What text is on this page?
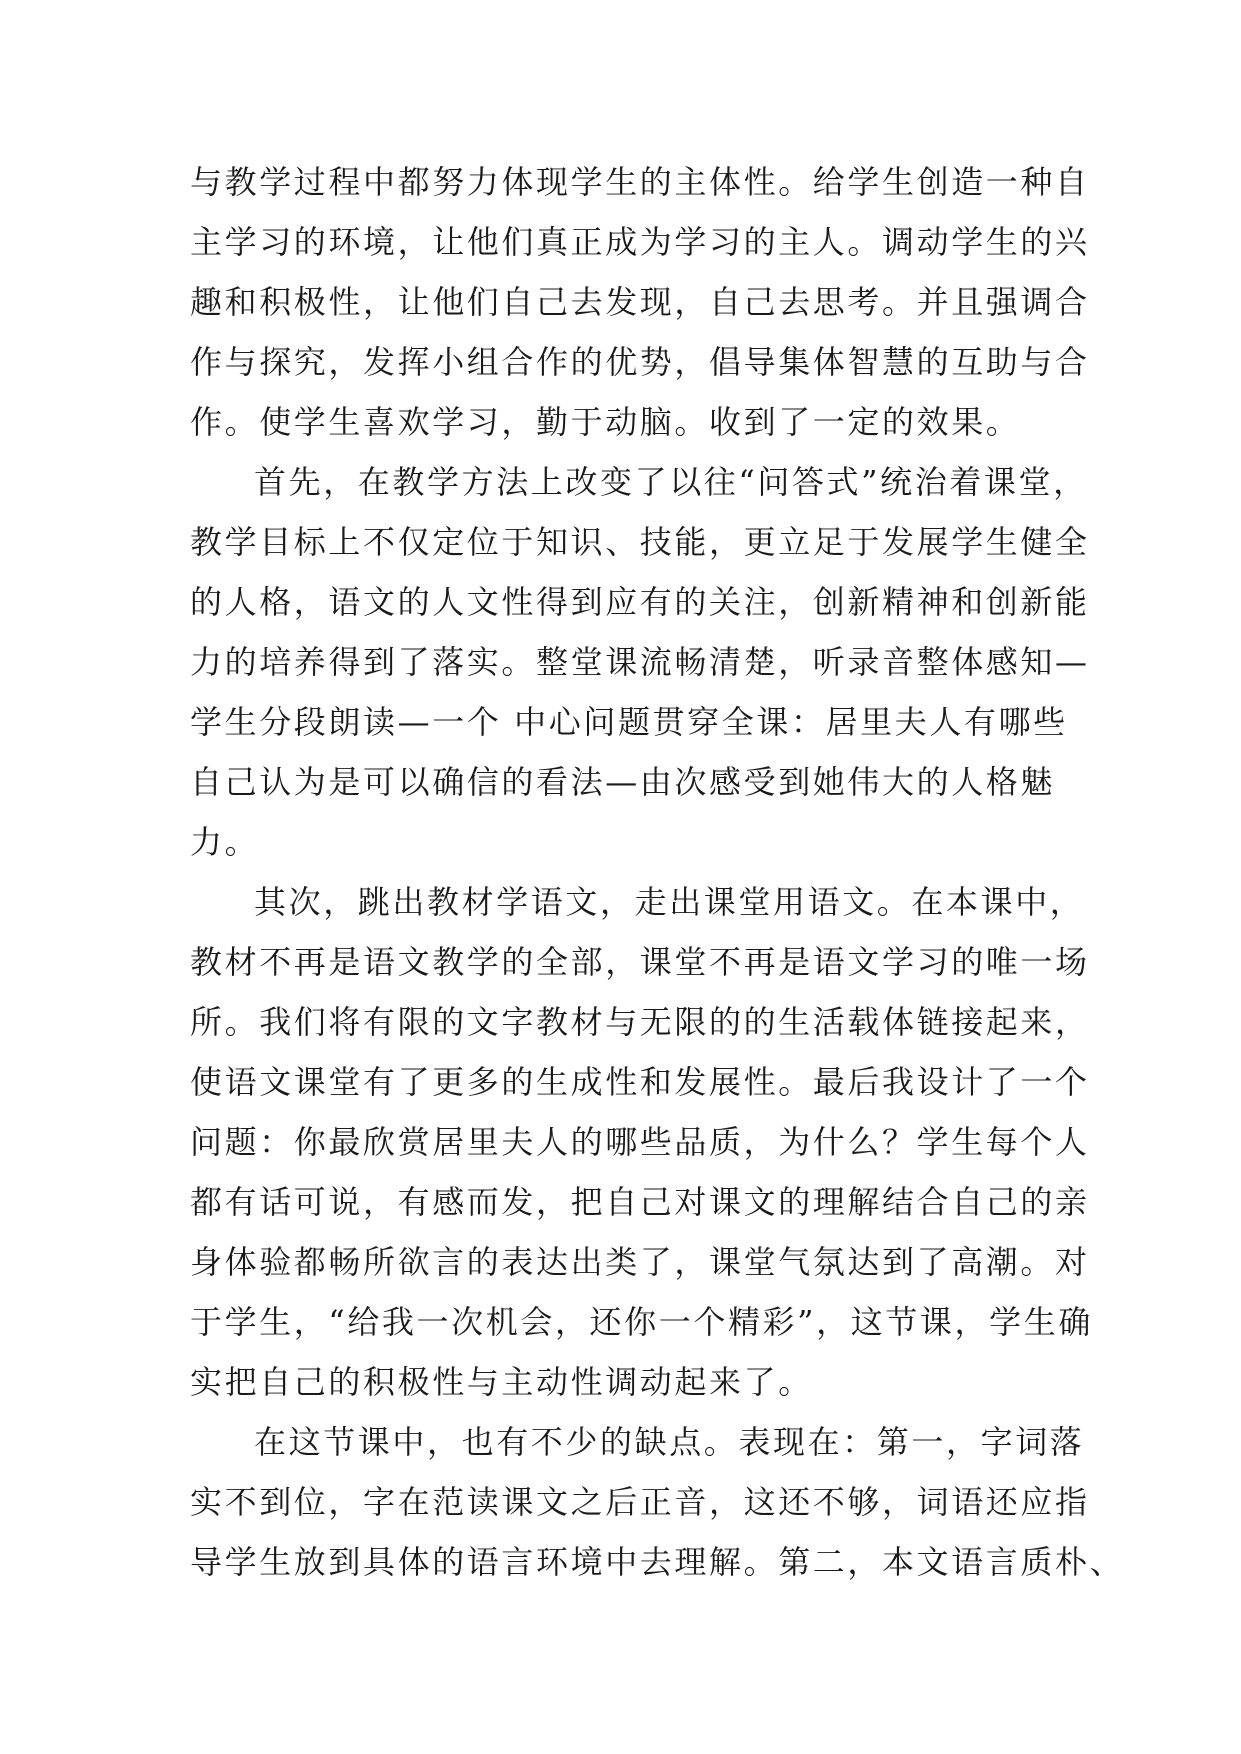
与教学过程中都努力体现学生的主体性。给学生创造一种自
主学习的环境，让他们真正成为学习的主人。调动学生的兴
趣和积极性，让他们自己去发现，自己去思考。并且强调合
作与探究，发挥小组合作的优势，倡导集体智慧的互助与合
作。使学生喜欢学习，勤于动脑。收到了一定的效果。
首先，在教学方法上改变了以往“问答式”统治着课堂，
教学目标上不仅定位于知识、技能，更立足于发展学生健全
的人格，语文的人文性得到应有的关注，创新精神和创新能
力的培养得到了落实。整堂课流畅清楚，听录音整体感知—
学生分段朗读—一个 中心问题贯穿全课：居里夫人有哪些
自己认为是可以确信的看法—由次感受到她伟大的人格魅
力。
其次，跳出教材学语文，走出课堂用语文。在本课中，
教材不再是语文教学的全部，课堂不再是语文学习的唯一场
所。我们将有限的文字教材与无限的的生活载体链接起来，
使语文课堂有了更多的生成性和发展性。最后我设计了一个
问题：你最欣赏居里夫人的哪些品质，为什么？学生每个人
都有话可说，有感而发，把自己对课文的理解结合自己的亲
身体验都畅所欲言的表达出类了，课堂气氛达到了高潮。对
于学生，“给我一次机会，还你一个精彩”，这节课，学生确
实把自己的积极性与主动性调动起来了。
在这节课中，也有不少的缺点。表现在：第一，字词落
实不到位，字在范读课文之后正音，这还不够，词语还应指
导学生放到具体的语言环境中去理解。第二，本文语言质朴、
